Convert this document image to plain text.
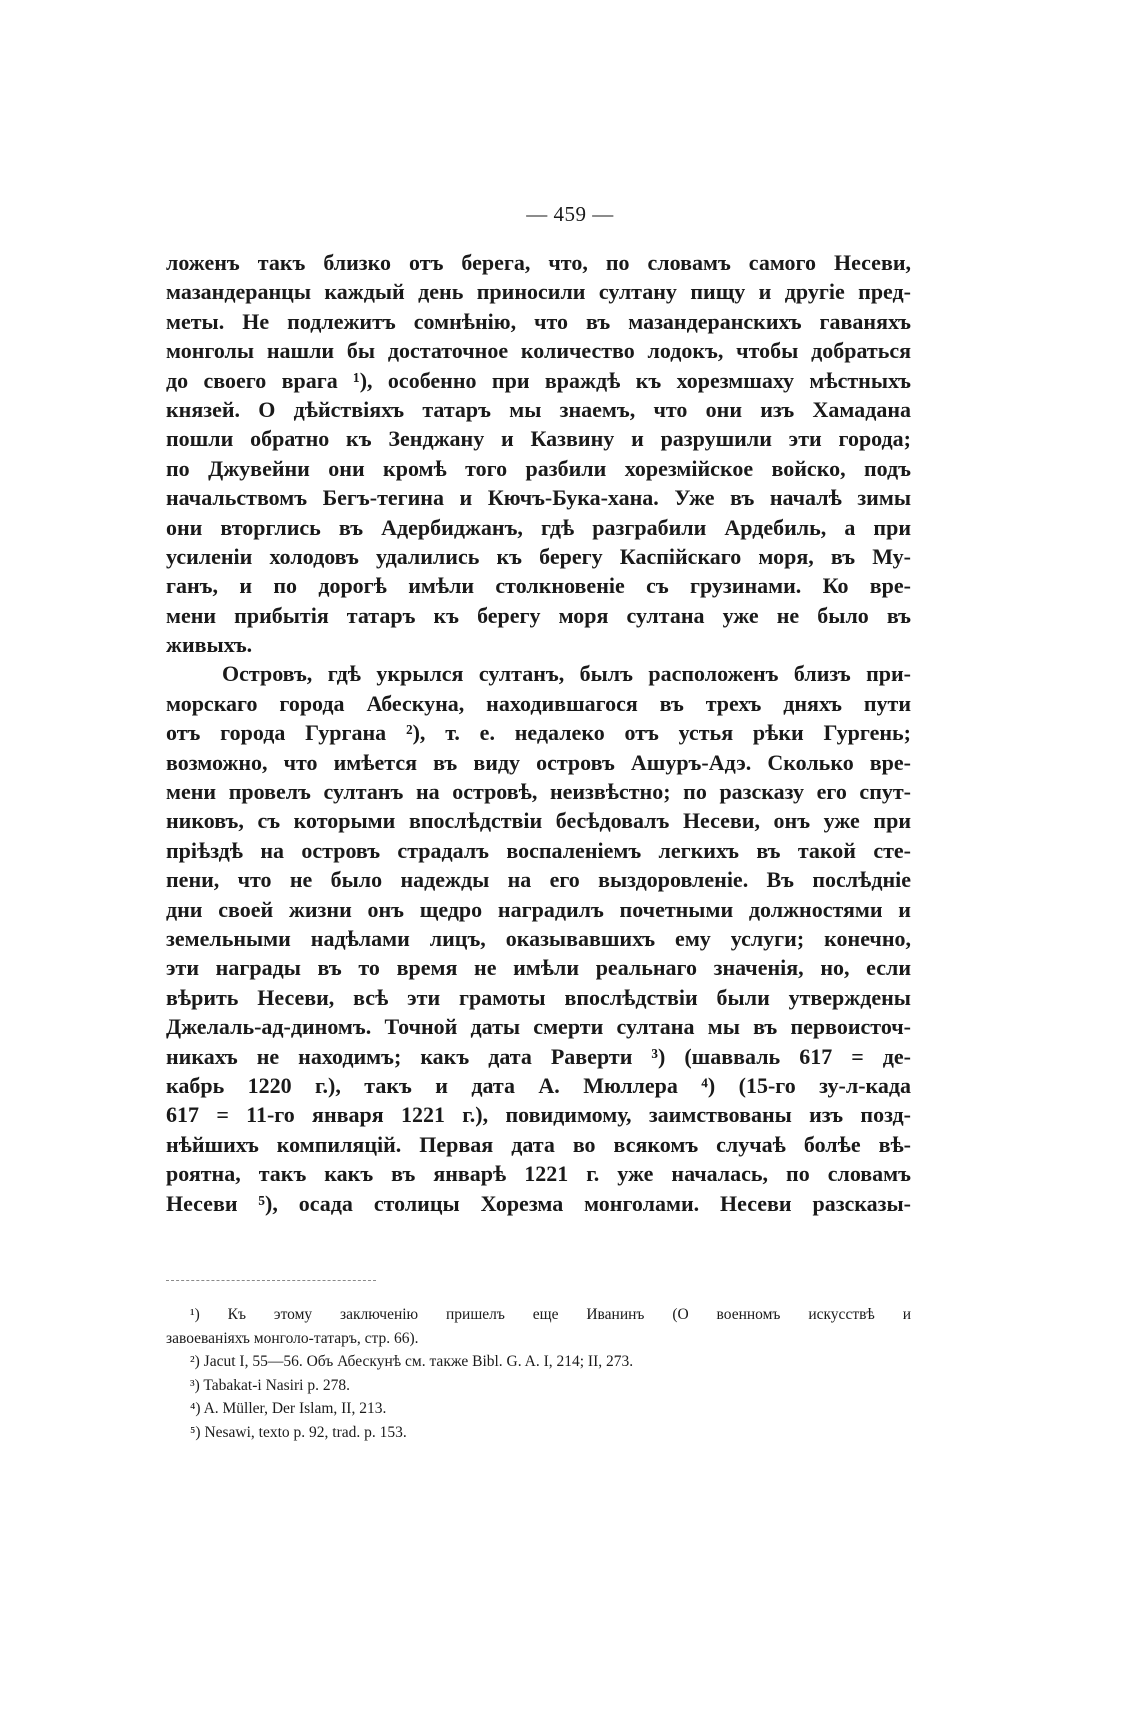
— 459 —
ложенъ такъ близко отъ берега, что, по словамъ самого Несеви,
мазандеранцы каждый день приносили султану пищу и другіе пред-
меты. Не подлежитъ сомнѣнію, что въ мазандеранскихъ гаваняхъ
монголы нашли бы достаточное количество лодокъ, чтобы добраться
до своего врага ¹), особенно при враждѣ къ хорезмшаху мѣстныхъ
князей. О дѣйствіяхъ татаръ мы знаемъ, что они изъ Хамадана
пошли обратно къ Зенджану и Казвину и разрушили эти города;
по Джувейни они кромѣ того разбили хорезмійское войско, подъ
начальствомъ Бегъ-тегина и Кючъ-Бука-хана. Уже въ началѣ зимы
они вторглись въ Адербиджанъ, гдѣ разграбили Ардебиль, а при
усиленіи холодовъ удалились къ берегу Каспійскаго моря, въ Му-
ганъ, и по дорогѣ имѣли столкновеніе съ грузинами. Ко вре-
мени прибытія татаръ къ берегу моря султана уже не было въ
живыхъ.
Островъ, гдѣ укрылся султанъ, былъ расположенъ близъ при-
морскаго города Абескуна, находившагося въ трехъ дняхъ пути
отъ города Гургана ²), т. е. недалеко отъ устья рѣки Гургень;
возможно, что имѣется въ виду островъ Ашуръ-Адэ. Сколько вре-
мени провелъ султанъ на островѣ, неизвѣстно; по разсказу его спут-
никовъ, съ которыми впослѣдствіи бесѣдовалъ Несеви, онъ уже при
пріѣздѣ на островъ страдалъ воспаленіемъ легкихъ въ такой сте-
пени, что не было надежды на его выздоровленіе. Въ послѣдніе
дни своей жизни онъ щедро наградилъ почетными должностями и
земельными надѣлами лицъ, оказывавшихъ ему услуги; конечно,
эти награды въ то время не имѣли реальнаго значенія, но, если
вѣрить Несеви, всѣ эти грамоты впослѣдствіи были утверждены
Джелаль-ад-диномъ. Точной даты смерти султана мы въ первоисточ-
никахъ не находимъ; какъ дата Раверти ³) (шавваль 617 = де-
кабрь 1220 г.), такъ и дата А. Мюллера ⁴) (15-го зу-л-када
617 = 11-го января 1221 г.), повидимому, заимствованы изъ позд-
нѣйшихъ компиляцій. Первая дата во всякомъ случаѣ болѣе вѣ-
роятна, такъ какъ въ январѣ 1221 г. уже началась, по словамъ
Несеви ⁵), осада столицы Хорезма монголами. Несеви разсказы-
¹) Къ этому заключенію пришелъ еще Иванинъ (О военномъ искусствѣ и
завоеваніяхъ монголо-татаръ, стр. 66).
²) Jacut I, 55—56. Объ Абескунѣ см. также Bibl. G. A. I, 214; II, 273.
³) Tabakat-i Nasiri p. 278.
⁴) A. Müller, Der Islam, II, 213.
⁵) Nesawi, texto p. 92, trad. p. 153.
